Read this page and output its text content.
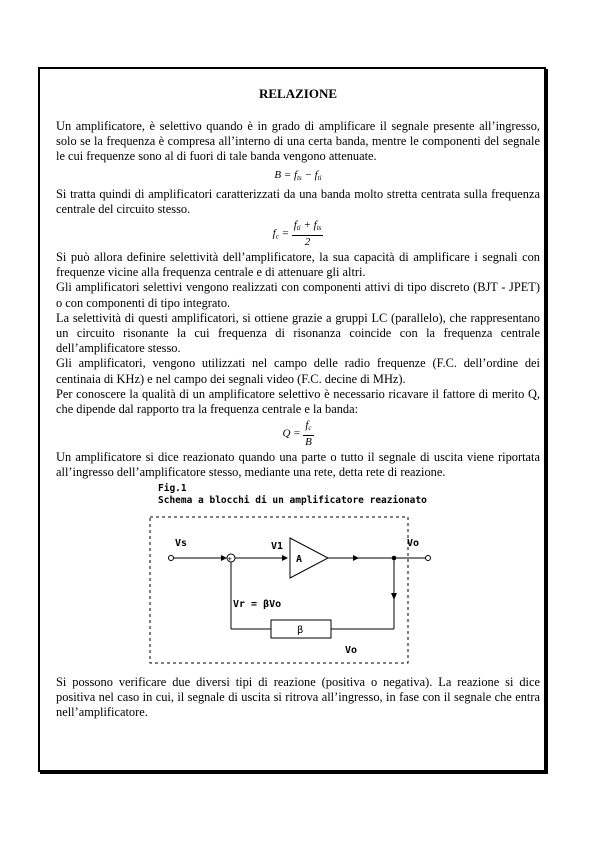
RELAZIONE

Un amplificatore, è selettivo quando è in grado di amplificare il segnale presente all’ingresso, solo se la frequenza è compresa all’interno di una certa banda, mentre le componenti del segnale le cui frequenze sono al di fuori di tale banda vengono attenuate.

$B = f_{ts} - f_{ti}$

Si tratta quindi di amplificatori caratterizzati da una banda molto stretta centrata sulla frequenza centrale del circuito stesso.

$f_c = \frac{f_{ti} + f_{ts}}{2}$

Si può allora definire selettività dell’amplificatore, la sua capacità di amplificare i segnali con frequenze vicine alla frequenza centrale e di attenuare gli altri.

Gli amplificatori selettivi vengono realizzati con componenti attivi di tipo discreto (BJT - JPET) o con componenti di tipo integrato.

La selettività di questi amplificatori, si ottiene grazie a gruppi LC (parallelo), che rappresentano un circuito risonante la cui frequenza di risonanza coincide con la frequenza centrale dell’amplificatore stesso.

Gli amplificatori, vengono utilizzati nel campo delle radio frequenze (F.C. dell’ordine dei centinaia di KHz) e nel campo dei segnali video (F.C. decine di MHz).

Per conoscere la qualità di un amplificatore selettivo è necessario ricavare il fattore di merito Q, che dipende dal rapporto tra la frequenza centrale e la banda:

$Q = \frac{f_c}{B}$

Un amplificatore si dice reazionato quando una parte o tutto il segnale di uscita viene riportata all’ingresso dell’amplificatore stesso, mediante una rete, detta rete di reazione.

Fig.1
Schema a blocchi di un amplificatore reazionato
+
Vs	V1
A
Vo
Vr = βVo
β
Vo

Si possono verificare due diversi tipi di reazione (positiva o negativa). La reazione si dice positiva nel caso in cui, il segnale di uscita si ritrova all’ingresso, in fase con il segnale che entra nell’amplificatore.
